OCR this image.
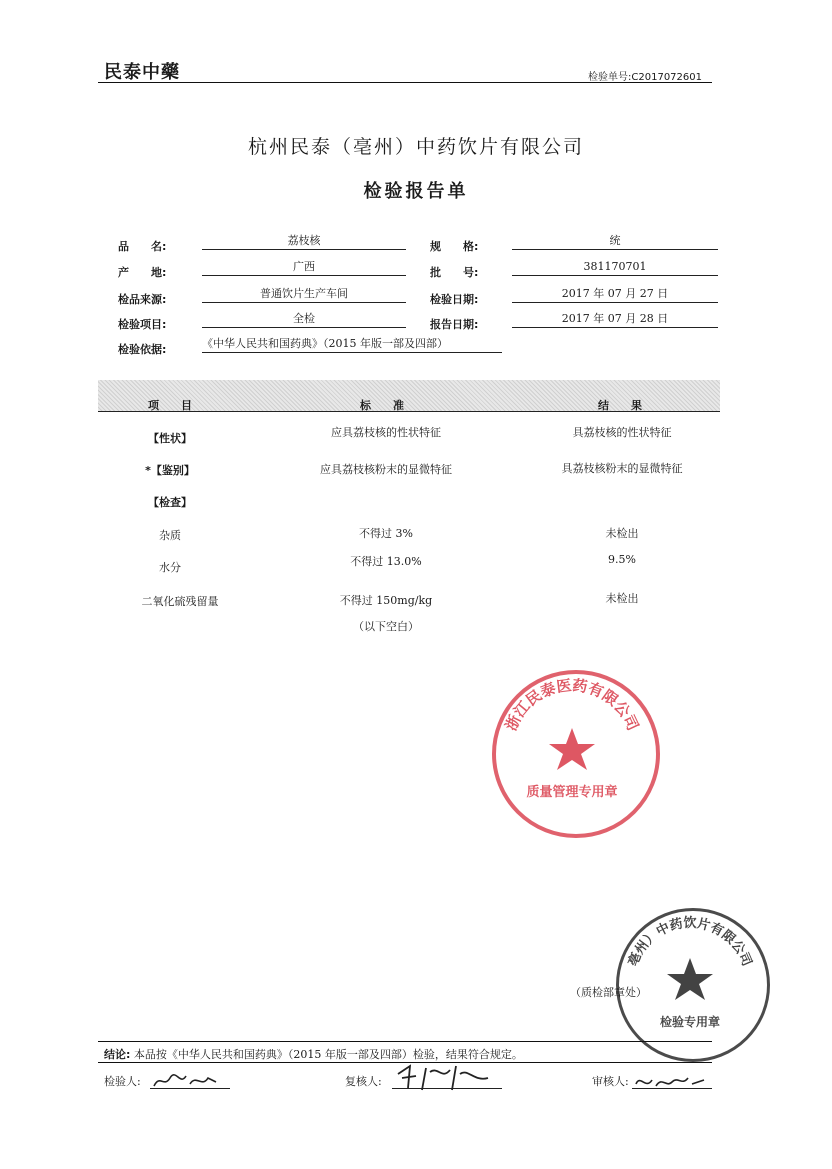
民泰中藥	检验单号:C2017072601
杭州民泰（亳州）中药饮片有限公司
检验报告单
品　　名:	荔枝核	规　　格:	统
产　　地:	广西	批　　号:	381170701
检品来源:	普通饮片生产车间	检验日期:	2017 年 07 月 27 日
检验项目:	全检	报告日期:	2017 年 07 月 28 日
检验依据:	《中华人民共和国药典》（2015 年版一部及四部）
项　　目	标　　准	结　　果
【性状】	应具荔枝核的性状特征	具荔枝核的性状特征
*【鉴别】	应具荔枝核粉末的显微特征	具荔枝核粉末的显微特征
【检查】
杂质	不得过 3%	未检出
水分	不得过 13.0%	9.5%
二氧化硫残留量	不得过 150mg/kg	未检出
（以下空白）
浙江民泰医药有限公司
质量管理专用章
（质检部章处）
亳州）中药饮片有限公司
检验专用章
结论: 本品按《中华人民共和国药典》（2015 年版一部及四部）检验，结果符合规定。
检验人:	复核人:	审核人:
